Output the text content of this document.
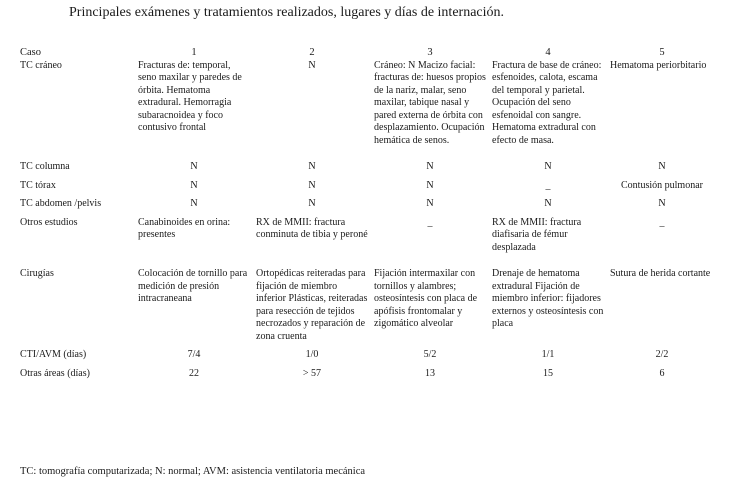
Principales exámenes y tratamientos realizados, lugares y días de internación.
Caso	1	2	3	4	5
TC cráneo	Fracturas de: temporal, seno maxilar y paredes de órbita. Hematoma extradural. Hemorragia subaracnoidea y foco contusivo frontal	N	Cráneo: N Macizo facial: fracturas de: huesos propios de la nariz, malar, seno maxilar, tabique nasal y pared externa de órbita con desplazamiento. Ocupación hemática de senos.	Fractura de base de cráneo: esfenoides, calota, escama del temporal y parietal. Ocupación del seno esfenoidal con sangre. Hematoma extradural con efecto de masa.	Hematoma periorbitario
TC columna	N	N	N	N	N
TC tórax	N	N	N	_	Contusión pulmonar
TC abdomen /pelvis	N	N	N	N	N
Otros estudios	Canabinoides en orina: presentes	RX de MMII: fractura conminuta de tibia y peroné	_	RX de MMII: fractura diafisaria de fémur desplazada	_
Cirugías	Colocación de tornillo para medición de presión intracraneana	Ortopédicas reiteradas para fijación de miembro inferior Plásticas, reiteradas para resección de tejidos necrozados y reparación de zona cruenta	Fijación intermaxilar con tornillos y alambres; osteosíntesis con placa de apófisis frontomalar y zigomático alveolar	Drenaje de hematoma extradural Fijación de miembro inferior: fijadores externos y osteosíntesis con placa	Sutura de herida cortante
CTI/AVM (días)	7/4	1/0	5/2	1/1	2/2
Otras áreas (días)	22	> 57	13	15	6
TC: tomografía computarizada; N: normal; AVM: asistencia ventilatoria mecánica
